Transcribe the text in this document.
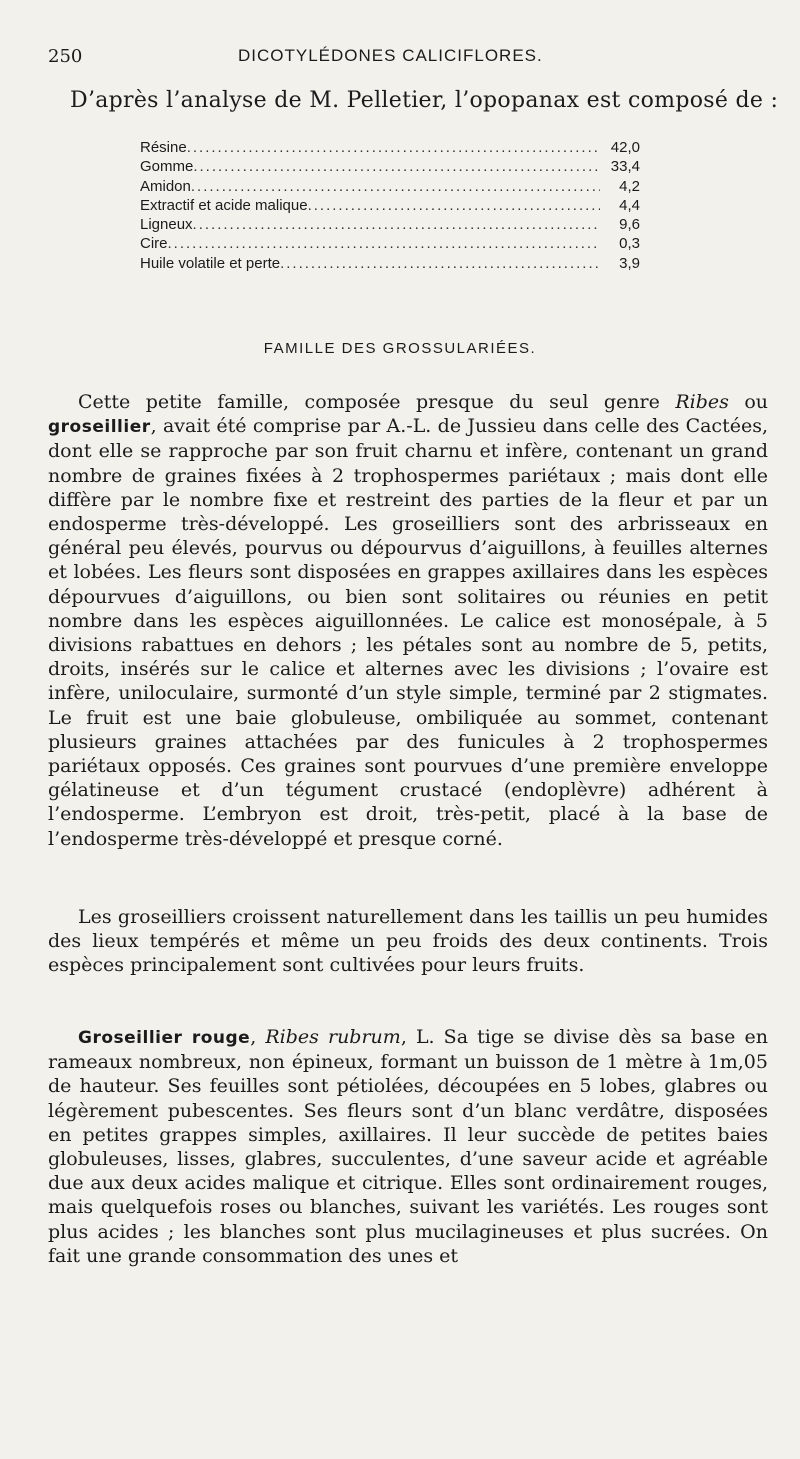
250	DICOTYLÉDONES CALICIFLORES.
D’après l’analyse de M. Pelletier, l’opopanax est composé de :
Résine .....	42,0
Gomme .....	33,4
Amidon .....	4,2
Extractif et acide malique .....	4,4
Ligneux .....	9,6
Cire .....	0,3
Huile volatile et perte .....	3,9
FAMILLE DES GROSSULARIÉES.

Cette petite famille, composée presque du seul genre Ribes ou groseillier, avait été comprise par A.-L. de Jussieu dans celle des Cactées, dont elle se rapproche par son fruit charnu et infère, contenant un grand nombre de graines fixées à 2 trophospermes pariétaux ; mais dont elle diffère par le nombre fixe et restreint des parties de la fleur et par un endosperme très-développé. Les groseilliers sont des arbrisseaux en général peu élevés, pourvus ou dépourvus d’aiguillons, à feuilles alternes et lobées. Les fleurs sont disposées en grappes axillaires dans les espèces dépourvues d’aiguillons, ou bien sont solitaires ou réunies en petit nombre dans les espèces aiguillonnées. Le calice est monosépale, à 5 divisions rabattues en dehors ; les pétales sont au nombre de 5, petits, droits, insérés sur le calice et alternes avec les divisions ; l’ovaire est infère, uniloculaire, surmonté d’un style simple, terminé par 2 stigmates. Le fruit est une baie globuleuse, ombiliquée au sommet, contenant plusieurs graines attachées par des funicules à 2 trophospermes pariétaux opposés. Ces graines sont pourvues d’une première enveloppe gélatineuse et d’un tégument crustacé (endoplèvre) adhérent à l’endosperme. L’embryon est droit, très-petit, placé à la base de l’endosperme très-développé et presque corné.

Les groseilliers croissent naturellement dans les taillis un peu humides des lieux tempérés et même un peu froids des deux continents. Trois espèces principalement sont cultivées pour leurs fruits.

Groseillier rouge, Ribes rubrum, L. Sa tige se divise dès sa base en rameaux nombreux, non épineux, formant un buisson de 1 mètre à 1m,05 de hauteur. Ses feuilles sont pétiolées, découpées en 5 lobes, glabres ou légèrement pubescentes. Ses fleurs sont d’un blanc verdâtre, disposées en petites grappes simples, axillaires. Il leur succède de petites baies globuleuses, lisses, glabres, succulentes, d’une saveur acide et agréable due aux deux acides malique et citrique. Elles sont ordinairement rouges, mais quelquefois roses ou blanches, suivant les variétés. Les rouges sont plus acides ; les blanches sont plus mucilagineuses et plus sucrées. On fait une grande consommation des unes et
